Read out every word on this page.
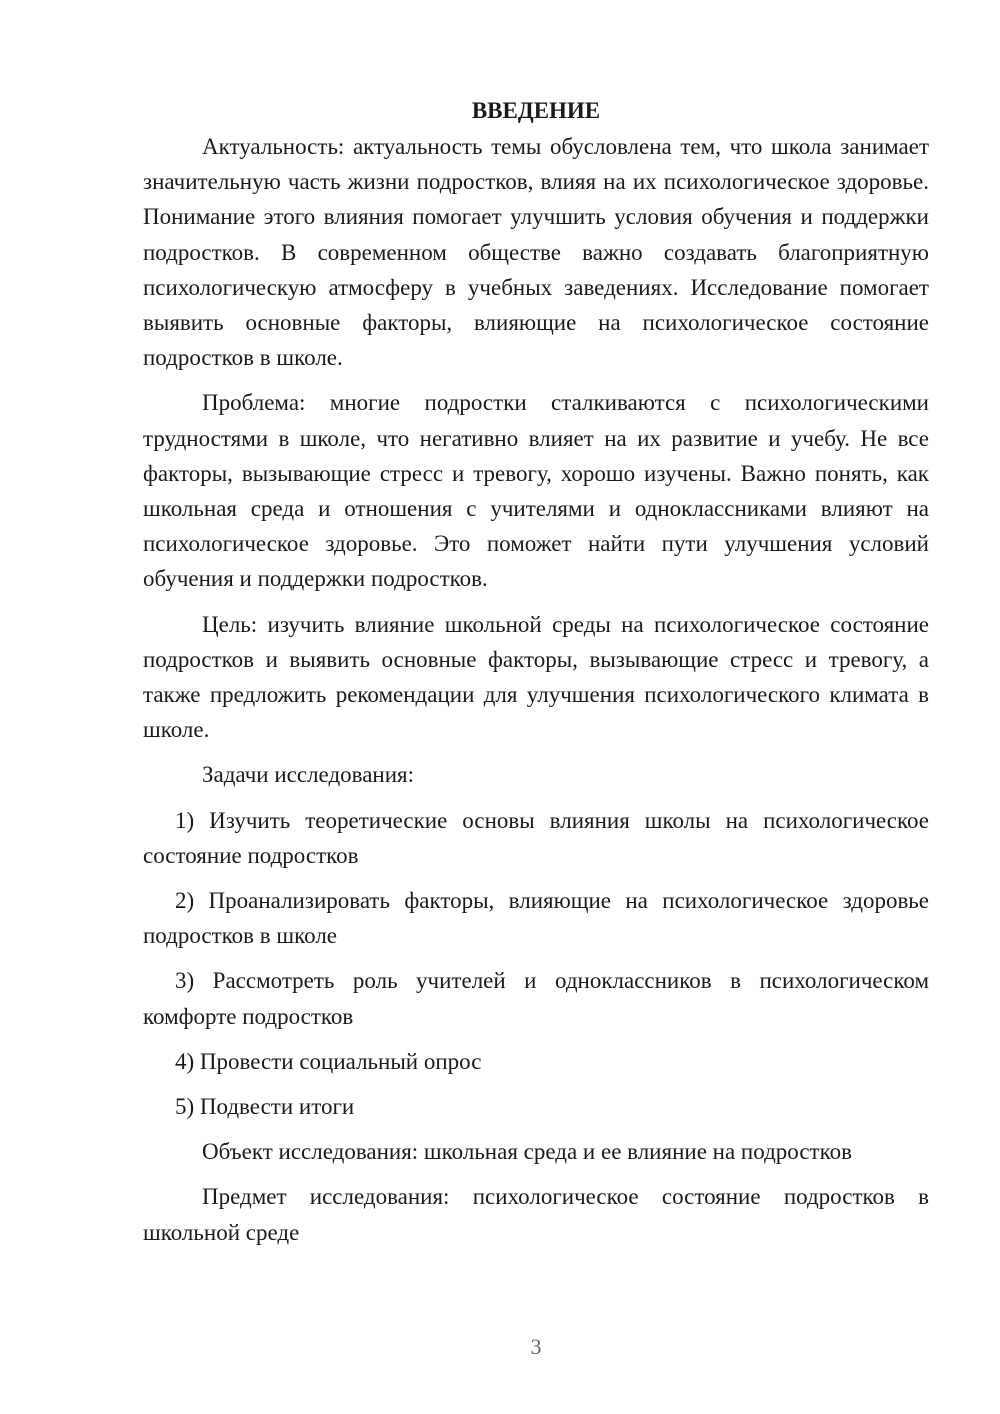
ВВЕДЕНИЕ

Актуальность: актуальность темы обусловлена тем, что школа занимает значительную часть жизни подростков, влияя на их психологическое здоровье. Понимание этого влияния помогает улучшить условия обучения и поддержки подростков. В современном обществе важно создавать благоприятную психологическую атмосферу в учебных заведениях. Исследование помогает выявить основные факторы, влияющие на психологическое состояние подростков в школе.

Проблема: многие подростки сталкиваются с психологическими трудностями в школе, что негативно влияет на их развитие и учебу. Не все факторы, вызывающие стресс и тревогу, хорошо изучены. Важно понять, как школьная среда и отношения с учителями и одноклассниками влияют на психологическое здоровье. Это поможет найти пути улучшения условий обучения и поддержки подростков.

Цель: изучить влияние школьной среды на психологическое состояние подростков и выявить основные факторы, вызывающие стресс и тревогу, а также предложить рекомендации для улучшения психологического климата в школе.

Задачи исследования:

1) Изучить теоретические основы влияния школы на психологическое состояние подростков

2) Проанализировать факторы, влияющие на психологическое здоровье подростков в школе

3) Рассмотреть роль учителей и одноклассников в психологическом комфорте подростков

4) Провести социальный опрос

5) Подвести итоги

Объект исследования: школьная среда и ее влияние на подростков

Предмет исследования: психологическое состояние подростков в школьной среде

3
